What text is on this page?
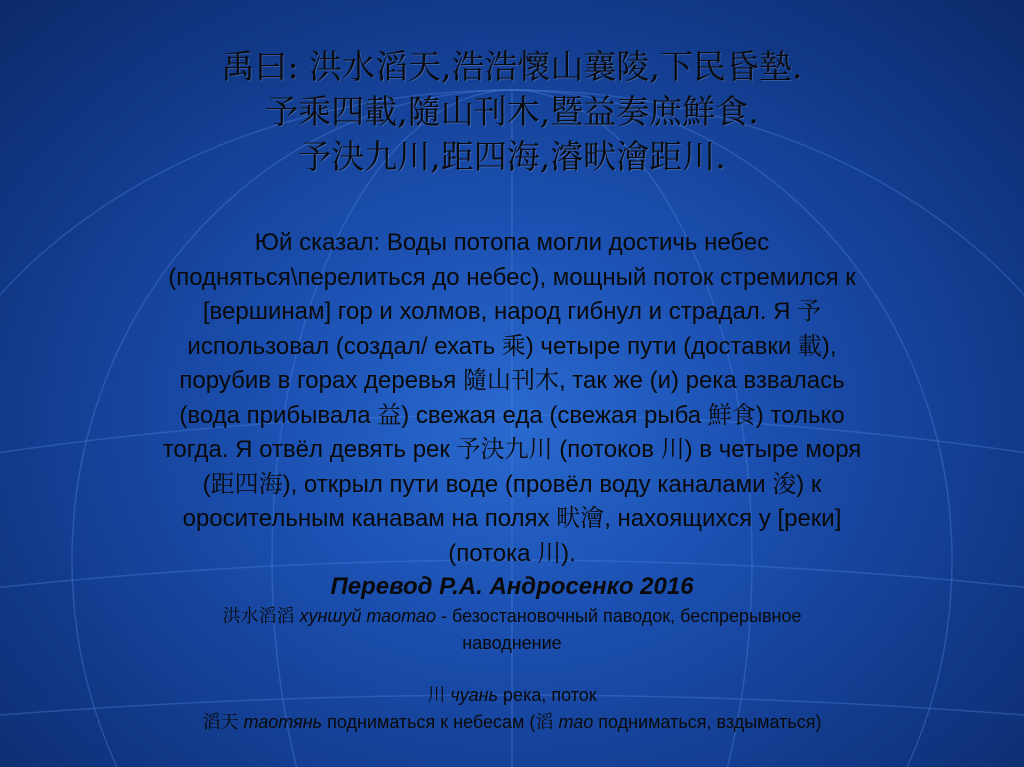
禹曰: 洪水滔天,浩浩懷山襄陵,下民昏墊.
予乘四載,隨山刊木,暨益奏庶鮮食.
予決九川,距四海,濬畎澮距川.
Юй сказал: Воды потопа могли достичь небес
(подняться\перелиться до небес), мощный поток стремился к
[вершинам] гор и холмов, народ гибнул и страдал. Я 予
использовал (создал/ ехать 乘) четыре пути (доставки 載),
порубив в горах деревья 隨山刊木, так же (и) река взвалась
(вода прибывала 益) свежая еда (свежая рыба 鮮食) только
тогда. Я отвёл девять рек 予決九川 (потоков 川) в четыре моря
(距四海), открыл пути воде (провёл воду каналами 浚) к
оросительным канавам на полях 畎澮, нахоящихся у [реки]
(потока 川).
Перевод Р.А. Андросенко 2016
洪水滔滔 хуншуй таотао - безостановочный паводок, беспрерывное
наводнение
川 чуань река, поток
滔天 таотянь подниматься к небесам (滔 тао подниматься, вздыматься)
